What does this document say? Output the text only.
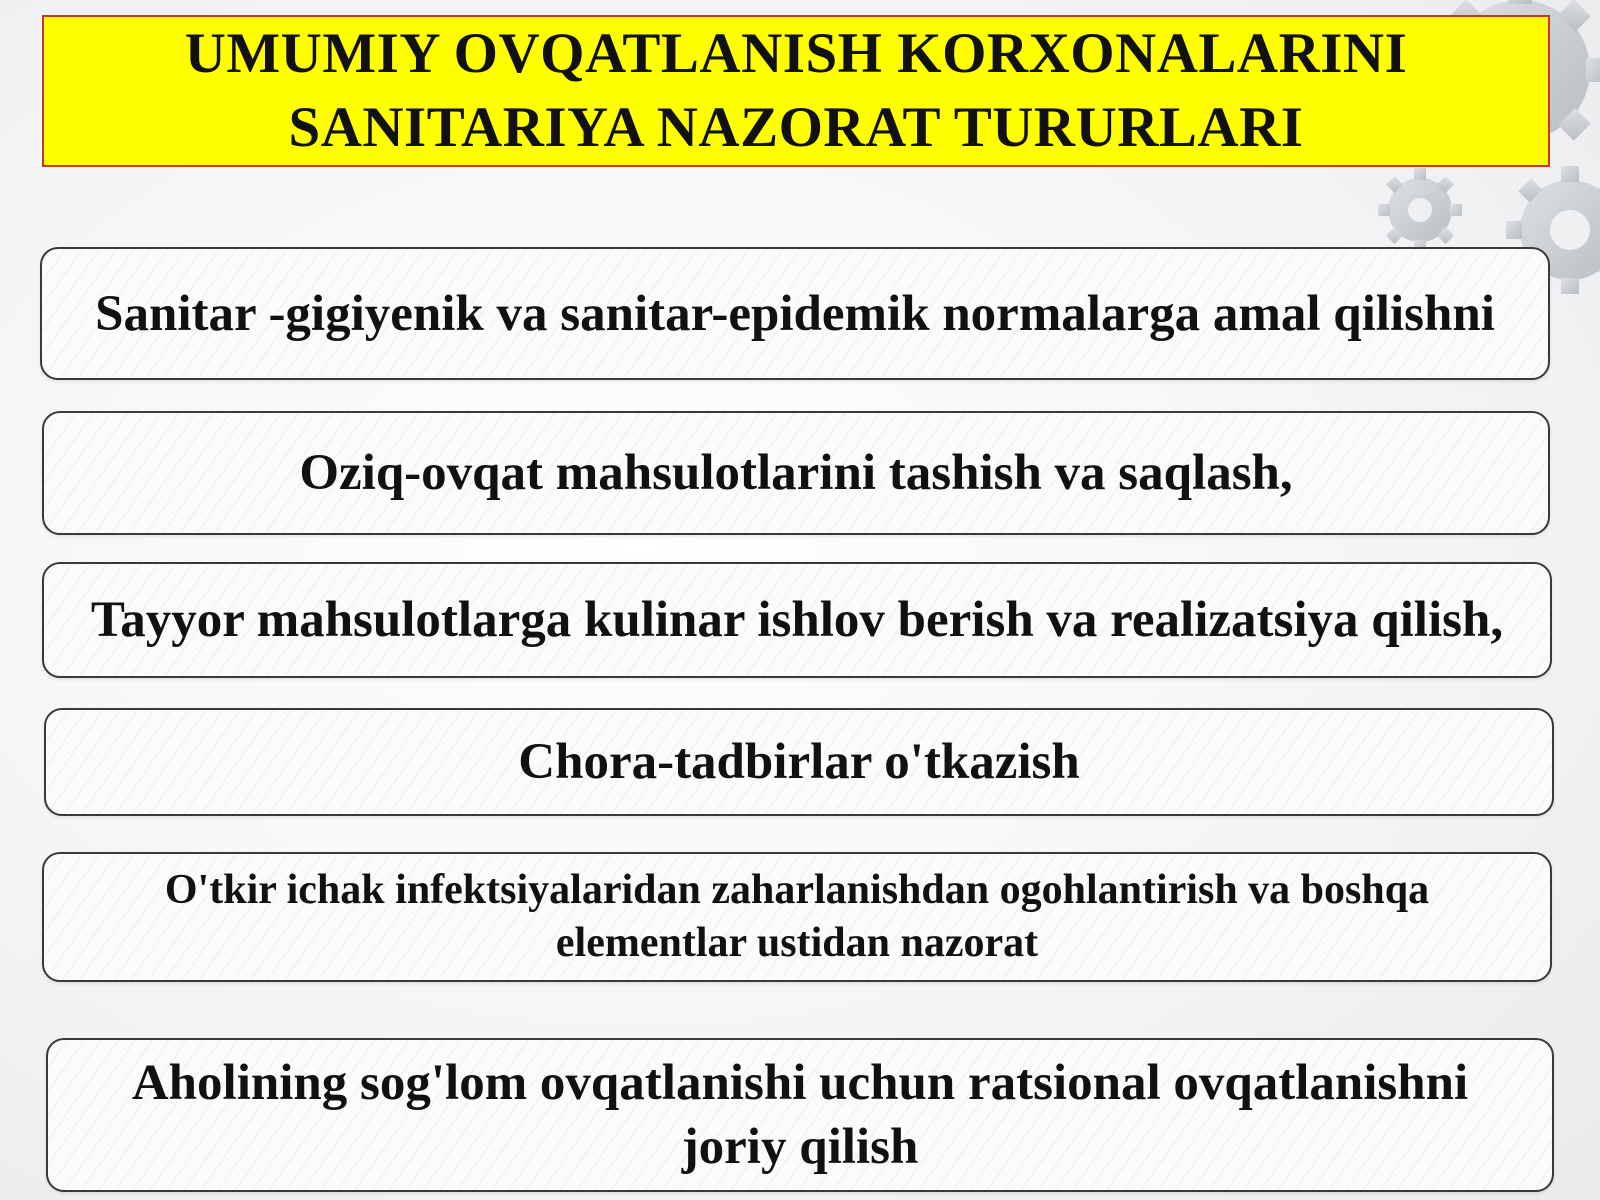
UMUMIY OVQATLANISH KORXONALARINI
SANITARIYA NAZORAT TURURLARI
Sanitar -gigiyenik va sanitar-epidemik normalarga amal qilishni
Oziq-ovqat mahsulotlarini tashish va saqlash,
Tayyor mahsulotlarga kulinar ishlov berish va realizatsiya qilish,
Chora-tadbirlar o'tkazish
O'tkir ichak infektsiyalaridan zaharlanishdan ogohlantirish va boshqa elementlar ustidan nazorat
Aholining sog'lom ovqatlanishi uchun ratsional ovqatlanishni joriy qilish
